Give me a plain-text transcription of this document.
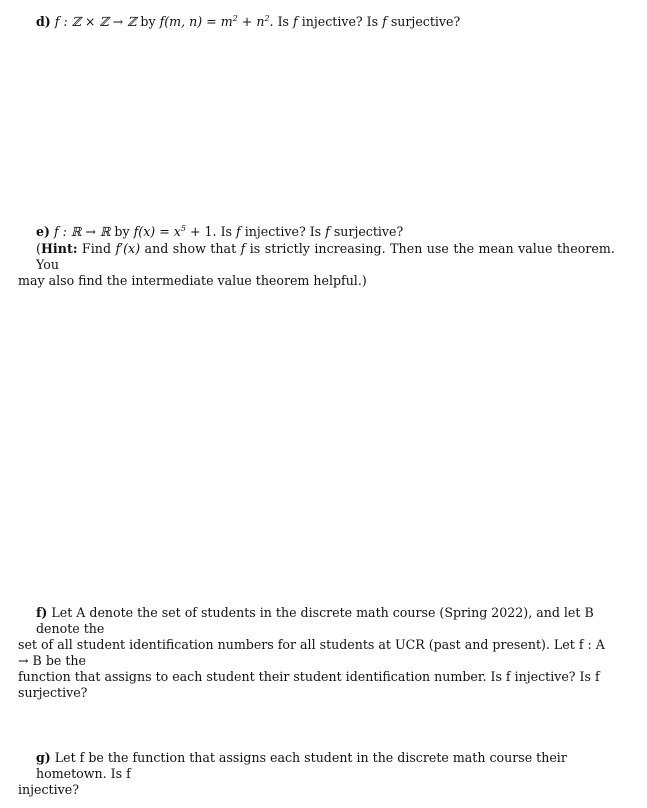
d) f : ℤ × ℤ → ℤ by f(m, $n) = m^2 + n^2$. Is f injective? Is f surjective?

e) f : ℝ → ℝ by $f(x) = x^5 + 1$. Is f injective? Is f surjective?

(Hint: Find f′(x) and show that f is strictly increasing. Then use the mean value theorem. You

may also find the intermediate value theorem helpful.)

f) Let A denote the set of students in the discrete math course (Spring 2022), and let B denote the

set of all student identification numbers for all students at UCR (past and present). Let f : A → B be the

function that assigns to each student their student identification number. Is f injective? Is f surjective?

g) Let f be the function that assigns each student in the discrete math course their hometown. Is f

injective?
